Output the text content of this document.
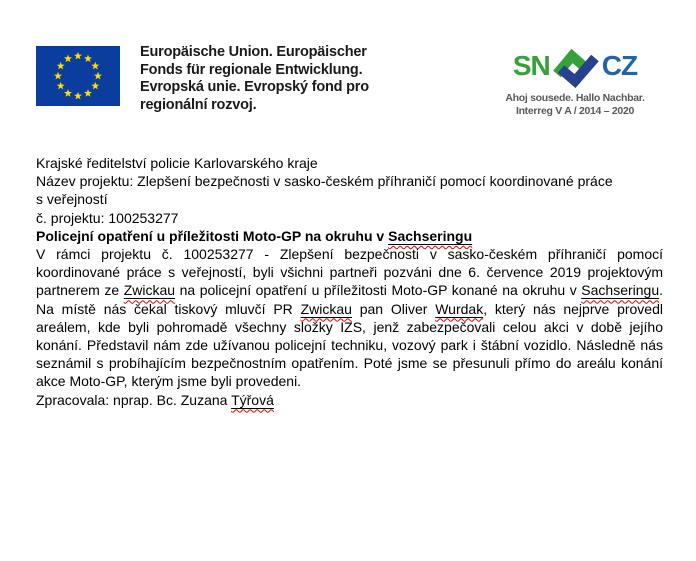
Europäische Union. Europäischer
Fonds für regionale Entwicklung.
Evropská unie. Evropský fond pro
regionální rozvoj.
SN CZ
Ahoj sousede. Hallo Nachbar.
Interreg V A / 2014 – 2020

Krajské ředitelství policie Karlovarského kraje

Název projektu: Zlepšení bezpečnosti v sasko-českém příhraničí pomocí koordinované práce s veřejností

č. projektu: 100253277

Policejní opatření u příležitosti Moto-GP na okruhu v Sachseringu

V rámci projektu č. 100253277 - Zlepšení bezpečnosti v sasko-českém příhraničí pomocí koordinované práce s veřejností, byli všichni partneři pozváni dne 6. července 2019 projektovým partnerem ze Zwickau na policejní opatření u příležitosti Moto-GP konané na okruhu v Sachseringu. Na místě nás čekal tiskový mluvčí PR Zwickau pan Oliver Wurdak, který nás nejprve provedl areálem, kde byli pohromadě všechny složky IZS, jenž zabezpečovali celou akci v době jejího konání. Představil nám zde užívanou policejní techniku, vozový park i štábní vozidlo. Následně nás seznámil s probíhajícím bezpečnostním opatřením. Poté jsme se přesunuli přímo do areálu konání akce Moto-GP, kterým jsme byli provedeni.

Zpracovala: nprap. Bc. Zuzana Týřová
